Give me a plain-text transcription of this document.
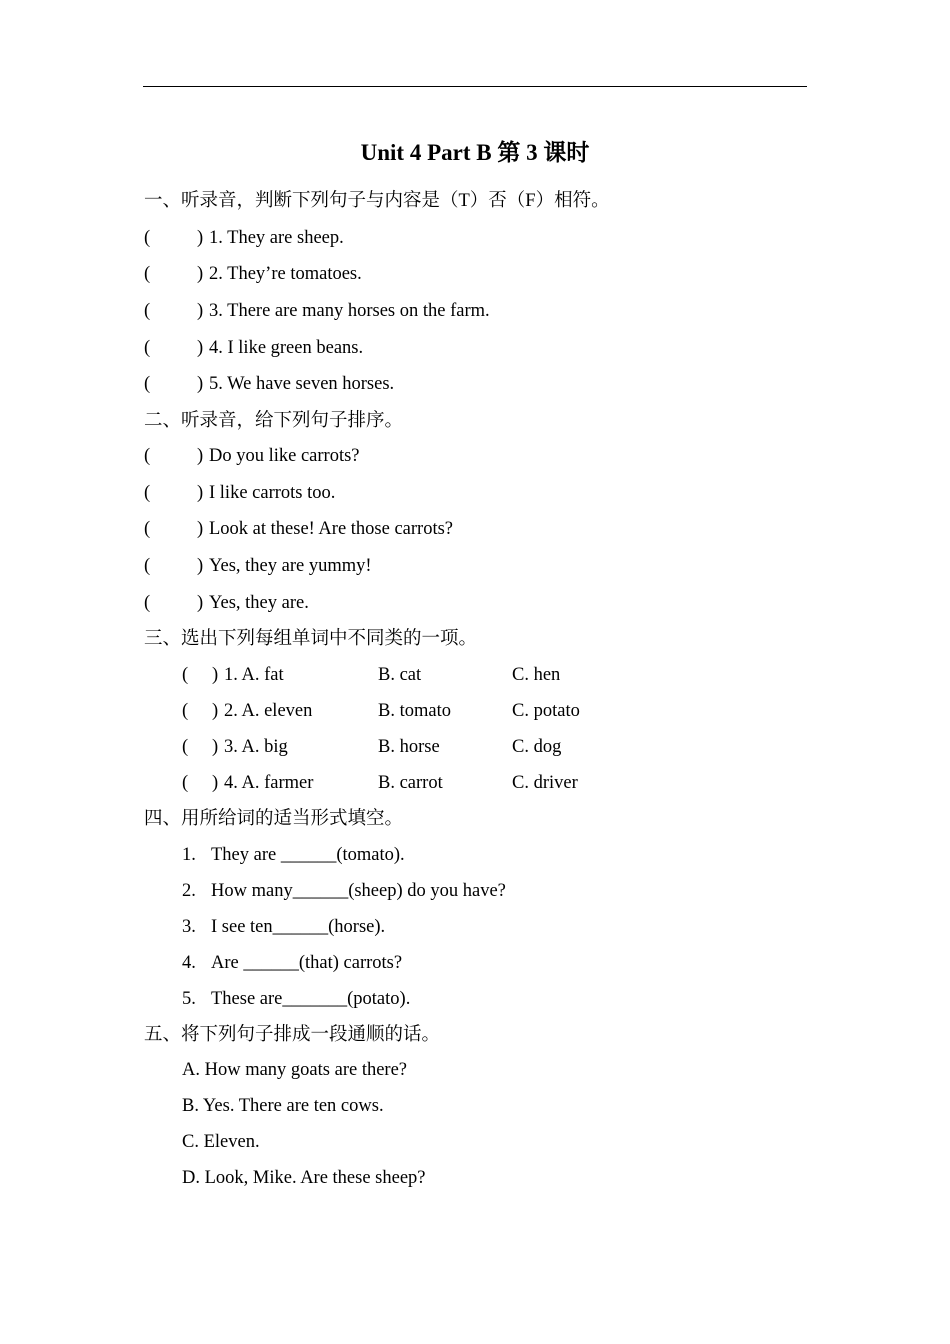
Unit 4 Part B 第 3 课时
一、听录音，判断下列句子与内容是（T）否（F）相符。
(	) 1. They are sheep.
(	) 2. They’re tomatoes.
(	) 3. There are many horses on the farm.
(	) 4. I like green beans.
(	) 5. We have seven horses.
二、听录音，给下列句子排序。
(	) Do you like carrots?
(	) I like carrots too.
(	) Look at these! Are those carrots?
(	) Yes, they are yummy!
(	) Yes, they are.
三、选出下列每组单词中不同类的一项。
( ) 1. A. fat	B. cat	C. hen
( ) 2. A. eleven	B. tomato	C. potato
( ) 3. A. big	B. horse	C. dog
( ) 4. A. farmer	B. carrot	C. driver
四、用所给词的适当形式填空。
1. They are ______(tomato).
2. How many______(sheep) do you have?
3. I see ten______(horse).
4. Are ______(that) carrots?
5. These are_______(potato).
五、将下列句子排成一段通顺的话。
A. How many goats are there?
B. Yes. There are ten cows.
C. Eleven.
D. Look, Mike. Are these sheep?
